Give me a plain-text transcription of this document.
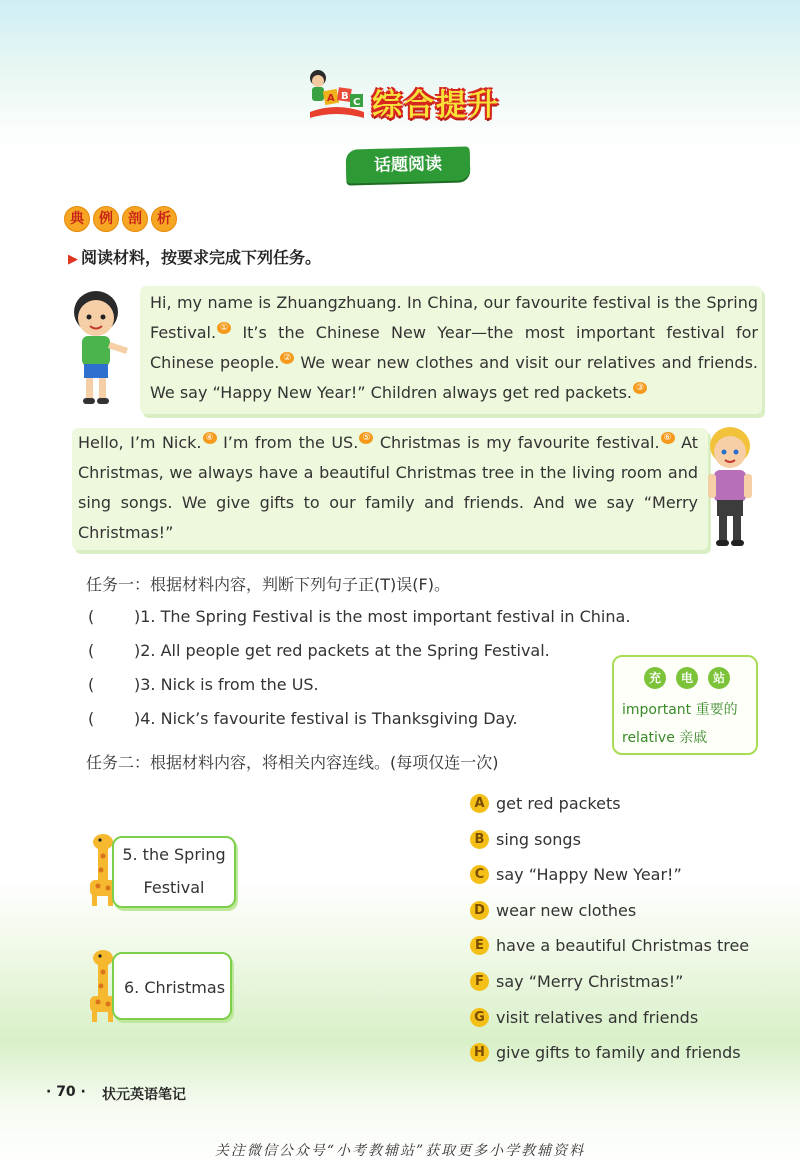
A B
C 综合提升
话题阅读
典	例	剖	析
▶ 阅读材料，按要求完成下列任务。
Hi, my name is Zhuangzhuang. In China, our favourite festival is the Spring Festival. ① It’s the Chinese New Year—the most important festival for Chinese people. ② We wear new clothes and visit our relatives and friends. We say “Happy New Year!” Children always get red packets. ③
Hello, I’m Nick. ④ I’m from the US. ⑤ Christmas is my favourite festival. ⑥ At Christmas, we always have a beautiful Christmas tree in the living room and sing songs. We give gifts to our family and friends. And we say “Merry Christmas!”
任务一：根据材料内容，判断下列句子正(T)误(F)。
( )1. The Spring Festival is the most important festival in China.
( )2. All people get red packets at the Spring Festival.
( )3. Nick is from the US.
( )4. Nick’s favourite festival is Thanksgiving Day.
充	电	站
important 重要的
relative 亲戚
任务二：根据材料内容，将相关内容连线。(每项仅连一次)
5. the Spring
Festival
6. Christmas
A get red packets
B sing songs
C say “Happy New Year!”
D wear new clothes
E have a beautiful Christmas tree
F say “Merry Christmas!”
G visit relatives and friends
H give gifts to family and friends
· 70 · 状元英语笔记
关注微信公众号“小考教辅站”获取更多小学教辅资料
